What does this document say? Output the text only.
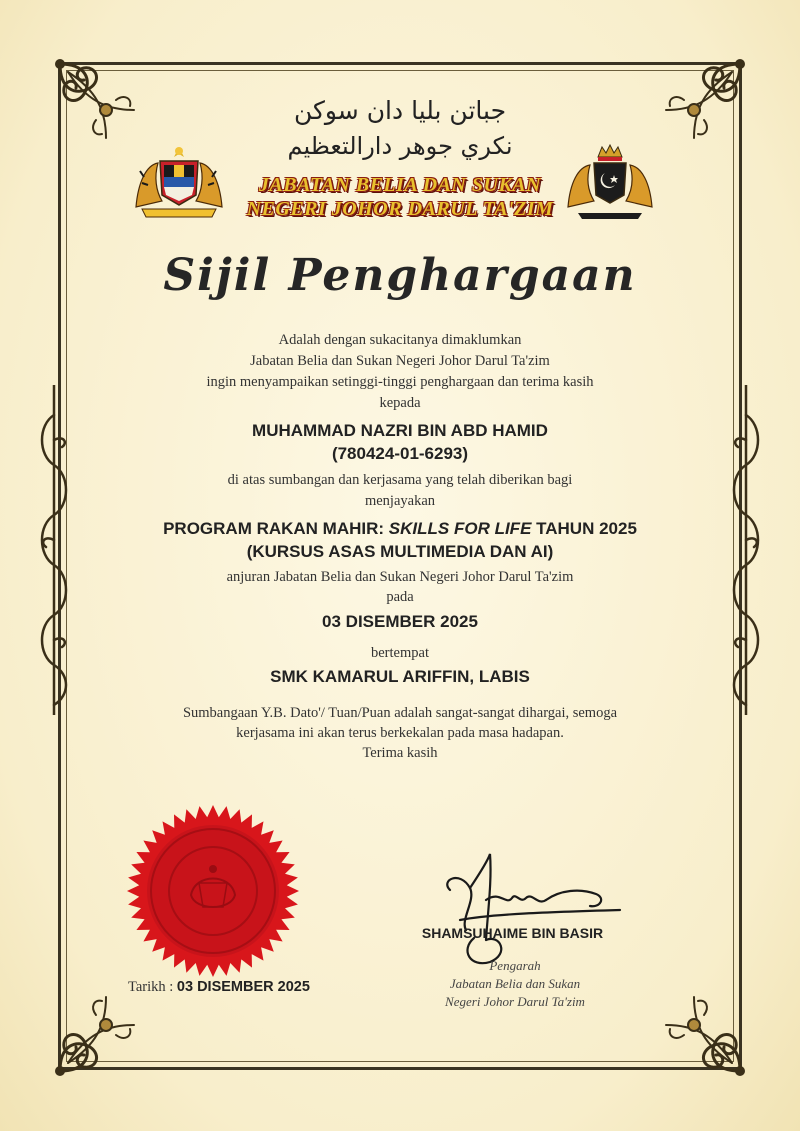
جباتن بليا دان سوکن
نکري جوهر دارالتعظيم
JABATAN BELIA DAN SUKAN
NEGERI JOHOR DARUL TA'ZIM
Sijil Penghargaan
Adalah dengan sukacitanya dimaklumkan
Jabatan Belia dan Sukan Negeri Johor Darul Ta'zim
ingin menyampaikan setinggi-tinggi penghargaan dan terima kasih
kepada
MUHAMMAD NAZRI BIN ABD HAMID
(780424-01-6293)
di atas sumbangan dan kerjasama yang telah diberikan bagi
menjayakan
PROGRAM RAKAN MAHIR: SKILLS FOR LIFE TAHUN 2025
(KURSUS ASAS MULTIMEDIA DAN AI)
anjuran Jabatan Belia dan Sukan Negeri Johor Darul Ta'zim
pada
03 DISEMBER 2025
bertempat
SMK KAMARUL ARIFFIN, LABIS
Sumbangaan Y.B. Dato'/ Tuan/Puan adalah sangat-sangat dihargai, semoga
kerjasama ini akan terus berkekalan pada masa hadapan.
Terima kasih
Tarikh : 03 DISEMBER 2025
SHAMSUHAIME BIN BASIR
Pengarah
Jabatan Belia dan Sukan
Negeri Johor Darul Ta'zim
